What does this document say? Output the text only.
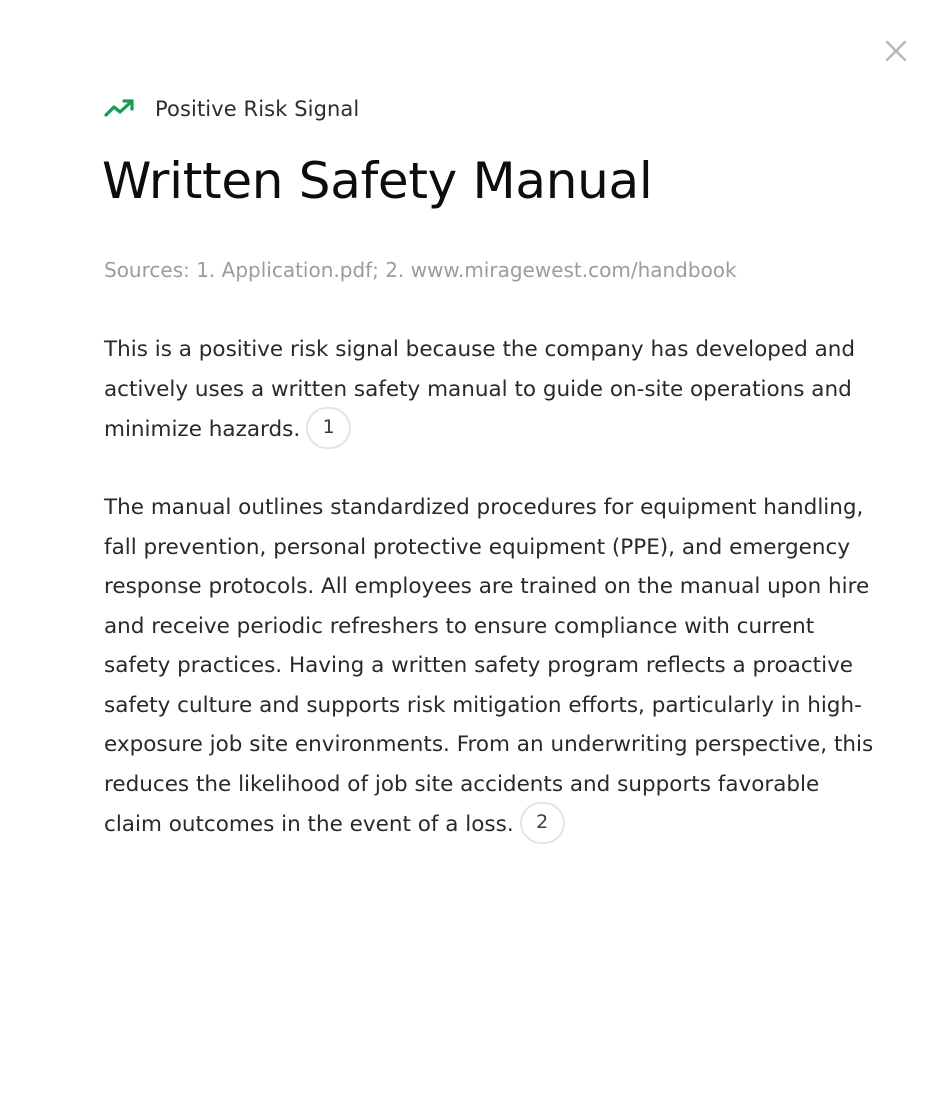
Positive Risk Signal
Written Safety Manual
Sources: 1. Application.pdf; 2. www.miragewest.com/handbook

This is a positive risk signal because the company has developed and actively uses a written safety manual to guide on-site operations and minimize hazards. 1

The manual outlines standardized procedures for equipment handling, fall prevention, personal protective equipment (PPE), and emergency response protocols. All employees are trained on the manual upon hire and receive periodic refreshers to ensure compliance with current safety practices. Having a written safety program reflects a proactive safety culture and supports risk mitigation efforts, particularly in high-exposure job site environments. From an underwriting perspective, this reduces the likelihood of job site accidents and supports favorable claim outcomes in the event of a loss. 2
